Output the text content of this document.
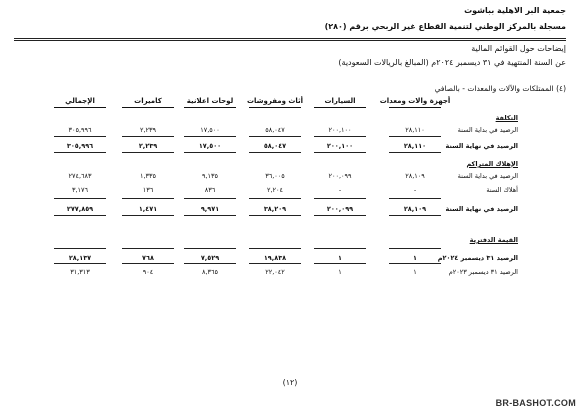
جمعية البر الاهلية بباشوت
مسجلة بالمركز الوطني لتنمية القطاع غير الربحي برقم (٢٨٠)
إيضاحات حول القوائم المالية
عن السنة المنتهية في ٣١ ديسمبر ٢٠٢٤م (المبالغ بالريالات السعودية)
(٤) الممتلكات والآلات والمعدات - بالصافي
أجهزة والات ومعدات
السيارات
أثاث ومفروشات
لوحات اعلانية
كاميرات
الإجمالي
التكلفة
الرصيد في بداية السنة
٢٨,١١٠
٢٠٠,١٠٠
٥٨,٠٤٧
١٧,٥٠٠
٢,٢٣٩
٣٠٥,٩٩٦
الرصيد في نهاية السنة
٢٨,١١٠
٢٠٠,١٠٠
٥٨,٠٤٧
١٧,٥٠٠
٢,٢٣٩
٣٠٥,٩٩٦
الإهلاك المتراكم
الرصيد في بداية السنة
٢٨,١٠٩
٢٠٠,٠٩٩
٣٦,٠٠٥
٩,١٣٥
١,٣٣٥
٢٧٤,٦٨٣
أهلاك السنة
-
-
٢,٢٠٤
٨٣٦
١٣٦
٣,١٧٦
الرصيد في نهاية السنة
٢٨,١٠٩
٢٠٠,٠٩٩
٣٨,٢٠٩
٩,٩٧١
١,٤٧١
٢٧٧,٨٥٩
القيمة الدفترية
الرصيد ٣١ ديسمبر ٢٠٢٤م
١
١
١٩,٨٣٨
٧,٥٢٩
٧٦٨
٢٨,١٣٧
الرصيد ٣١ ديسمبر ٢٠٢٣م
١
١
٢٢,٠٤٢
٨,٣٦٥
٩٠٤
٣١,٣١٣
(١٢)
BR-BASHOT.COM
